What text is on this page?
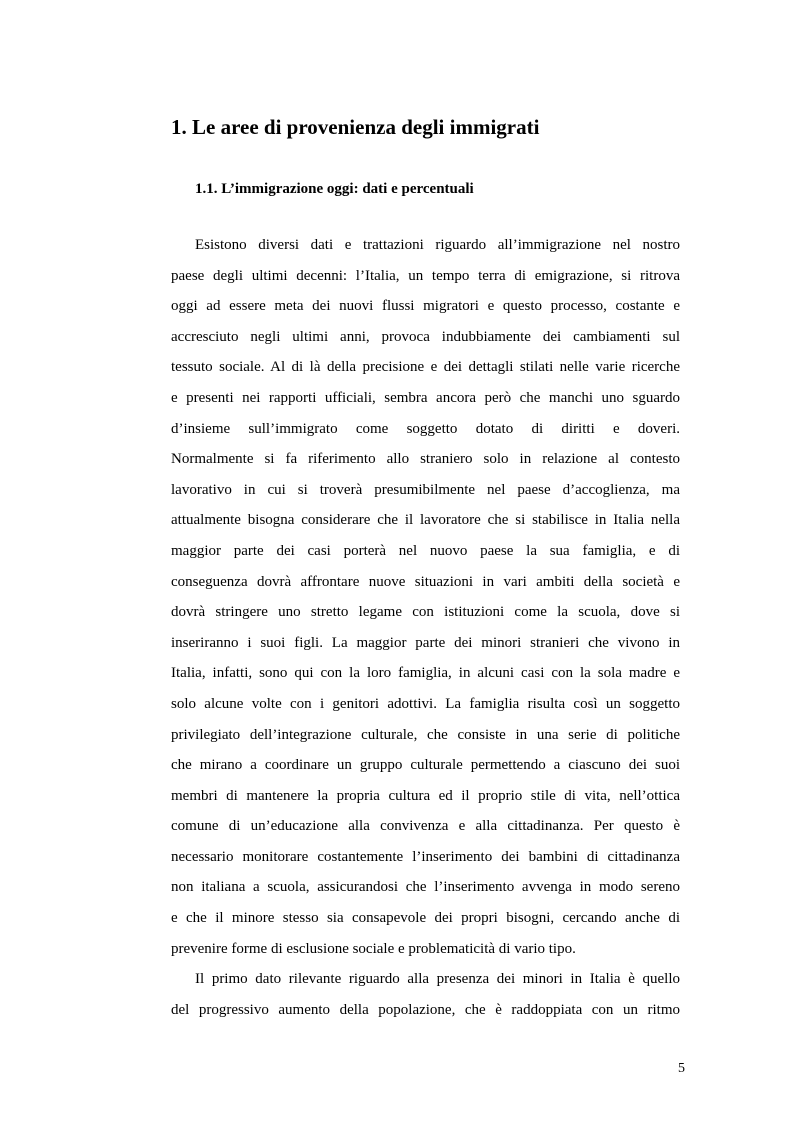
1. Le aree di provenienza degli immigrati
1.1. L’immigrazione oggi: dati e percentuali
Esistono diversi dati e trattazioni riguardo all’immigrazione nel nostro
paese degli ultimi decenni: l’Italia, un tempo terra di emigrazione, si ritrova
oggi ad essere meta dei nuovi flussi migratori e questo processo, costante e
accresciuto negli ultimi anni, provoca indubbiamente dei cambiamenti sul
tessuto sociale. Al di là della precisione e dei dettagli stilati nelle varie ricerche
e presenti nei rapporti ufficiali, sembra ancora però che manchi uno sguardo
d’insieme sull’immigrato come soggetto dotato di diritti e doveri.
Normalmente si fa riferimento allo straniero solo in relazione al contesto
lavorativo in cui si troverà presumibilmente nel paese d’accoglienza, ma
attualmente bisogna considerare che il lavoratore che si stabilisce in Italia nella
maggior parte dei casi porterà nel nuovo paese la sua famiglia, e di
conseguenza dovrà affrontare nuove situazioni in vari ambiti della società e
dovrà stringere uno stretto legame con istituzioni come la scuola, dove si
inseriranno i suoi figli. La maggior parte dei minori stranieri che vivono in
Italia, infatti, sono qui con la loro famiglia, in alcuni casi con la sola madre e
solo alcune volte con i genitori adottivi. La famiglia risulta così un soggetto
privilegiato dell’integrazione culturale, che consiste in una serie di politiche
che mirano a coordinare un gruppo culturale permettendo a ciascuno dei suoi
membri di mantenere la propria cultura ed il proprio stile di vita, nell’ottica
comune di un’educazione alla convivenza e alla cittadinanza. Per questo è
necessario monitorare costantemente l’inserimento dei bambini di cittadinanza
non italiana a scuola, assicurandosi che l’inserimento avvenga in modo sereno
e che il minore stesso sia consapevole dei propri bisogni, cercando anche di
prevenire forme di esclusione sociale e problematicità di vario tipo.
Il primo dato rilevante riguardo alla presenza dei minori in Italia è quello
del progressivo aumento della popolazione, che è raddoppiata con un ritmo
5
